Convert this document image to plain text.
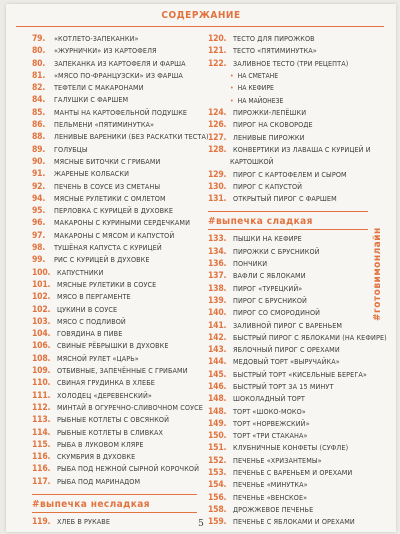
СОДЕРЖАНИЕ
79.	«КОТЛЕТО-ЗАПЕКАНКИ»
80.	«ЖУРНИЧКИ» ИЗ КАРТОФЕЛЯ
80.	ЗАПЕКАНКА ИЗ КАРТОФЕЛЯ И ФАРША
81.	«МЯСО ПО-ФРАНЦУЗСКИ» ИЗ ФАРША
82.	ТЕФТЕЛИ С МАКАРОНАМИ
84.	ГАЛУШКИ С ФАРШЕМ
85.	МАНТЫ НА КАРТОФЕЛЬНОЙ ПОДУШКЕ
86.	ПЕЛЬМЕНИ «ПЯТИМИНУТКА»
88.	ЛЕНИВЫЕ ВАРЕНИКИ (БЕЗ РАСКАТКИ ТЕСТА)
89.	ГОЛУБЦЫ
90.	МЯСНЫЕ БИТОЧКИ С ГРИБАМИ
91.	ЖАРЕНЫЕ КОЛБАСКИ
92.	ПЕЧЕНЬ В СОУСЕ ИЗ СМЕТАНЫ
94.	МЯСНЫЕ РУЛЕТИКИ С ОМЛЕТОМ
95.	ПЕРЛОВКА С КУРИЦЕЙ В ДУХОВКЕ
96.	МАКАРОНЫ С КУРИНЫМИ СЕРДЕЧКАМИ
97.	МАКАРОНЫ С МЯСОМ И КАПУСТОЙ
98.	ТУШЁНАЯ КАПУСТА С КУРИЦЕЙ
99.	РИС С КУРИЦЕЙ В ДУХОВКЕ
100. КАПУСТНИКИ
101. МЯСНЫЕ РУЛЕТИКИ В СОУСЕ
102. МЯСО В ПЕРГАМЕНТЕ
102. ЦУКИНИ В СОУСЕ
103. МЯСО С ПОДЛИВОЙ
104. ГОВЯДИНА В ПИВЕ
106. СВИНЫЕ РЁБРЫШКИ В ДУХОВКЕ
108. МЯСНОЙ РУЛЕТ «ЦАРЬ»
109. ОТБИВНЫЕ, ЗАПЕЧЁННЫЕ С ГРИБАМИ
110. СВИНАЯ ГРУДИНКА В ХЛЕБЕ
111. ХОЛОДЕЦ «ДЕРЕВЕНСКИЙ»
112. МИНТАЙ В ОГУРЕЧНО-СЛИВОЧНОМ СОУСЕ
113. РЫБНЫЕ КОТЛЕТЫ С ОВСЯНКОЙ
114. РЫБНЫЕ КОТЛЕТЫ В СЛИВКАХ
115. РЫБА В ЛУКОВОМ КЛЯРЕ
116. СКУМБРИЯ В ДУХОВКЕ
116. РЫБА ПОД НЕЖНОЙ СЫРНОЙ КОРОЧКОЙ
117. РЫБА ПОД МАРИНАДОМ
#выпечка несладкая
119. ХЛЕБ В РУКАВЕ
120. ТЕСТО ДЛЯ ПИРОЖКОВ
121. ТЕСТО «ПЯТИМИНУТКА»
122. ЗАЛИВНОЕ ТЕСТО (ТРИ РЕЦЕПТА)
• НА СМЕТАНЕ
• НА КЕФИРЕ
• НА МАЙОНЕЗЕ
124. ПИРОЖКИ-ЛЕПЁШКИ
126. ПИРОГ НА СКОВОРОДЕ
127. ЛЕНИВЫЕ ПИРОЖКИ
128. КОНВЕРТИКИ ИЗ ЛАВАША С КУРИЦЕЙ И
КАРТОШКОЙ
129. ПИРОГ С КАРТОФЕЛЕМ И СЫРОМ
130. ПИРОГ С КАПУСТОЙ
131. ОТКРЫТЫЙ ПИРОГ С ФАРШЕМ
#выпечка сладкая
133. ПЫШКИ НА КЕФИРЕ
134. ПИРОЖКИ С БРУСНИКОЙ
136. ПОНЧИКИ
137. ВАФЛИ С ЯБЛОКАМИ
138. ПИРОГ «ТУРЕЦКИЙ»
139. ПИРОГ С БРУСНИКОЙ
140. ПИРОГ СО СМОРОДИНОЙ
141. ЗАЛИВНОЙ ПИРОГ С ВАРЕНЬЕМ
142. БЫСТРЫЙ ПИРОГ С ЯБЛОКАМИ (НА КЕФИРЕ)
143. ЯБЛОЧНЫЙ ПИРОГ С ОРЕХАМИ
144. МЕДОВЫЙ ТОРТ «ВЫРУЧАЙКА»
145. БЫСТРЫЙ ТОРТ «КИСЕЛЬНЫЕ БЕРЕГА»
146. БЫСТРЫЙ ТОРТ ЗА 15 МИНУТ
148. ШОКОЛАДНЫЙ ТОРТ
148. ТОРТ «ШОКО-МОКО»
149. ТОРТ «НОРВЕЖСКИЙ»
150. ТОРТ «ТРИ СТАКАНА»
151. КЛУБНИЧНЫЕ КОНФЕТЫ (СУФЛЕ)
152. ПЕЧЕНЬЕ «ХРИЗАНТЕМЫ»
153. ПЕЧЕНЬЕ С ВАРЕНЬЕМ И ОРЕХАМИ
154. ПЕЧЕНЬЕ «МИНУТКА»
156. ПЕЧЕНЬЕ «ВЕНСКОЕ»
158. ДРОЖЖЕВОЕ ПЕЧЕНЬЕ
159. ПЕЧЕНЬЕ С ЯБЛОКАМИ И ОРЕХАМИ
#готовимонлайн
5
